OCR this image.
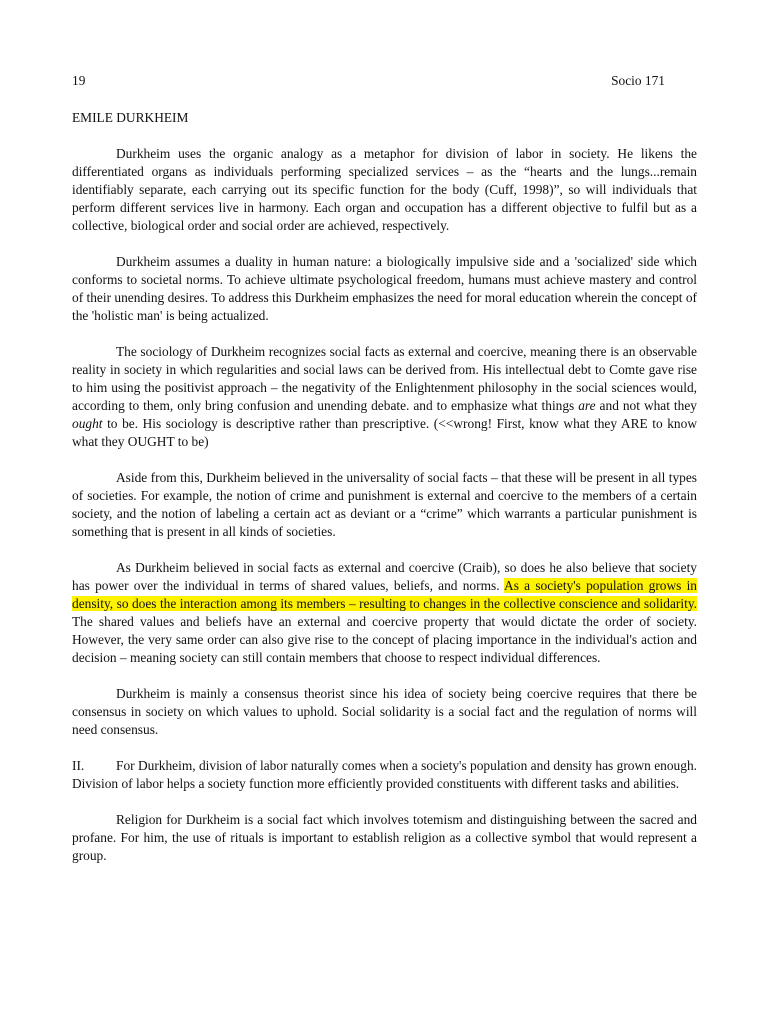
19	Socio 171
EMILE DURKHEIM

Durkheim uses the organic analogy as a metaphor for division of labor in society. He likens the differentiated organs as individuals performing specialized services – as the “hearts and the lungs...remain identifiably separate, each carrying out its specific function for the body (Cuff, 1998)”, so will individuals that perform different services live in harmony. Each organ and occupation has a different objective to fulfil but as a collective, biological order and social order are achieved, respectively.

Durkheim assumes a duality in human nature: a biologically impulsive side and a 'socialized' side which conforms to societal norms. To achieve ultimate psychological freedom, humans must achieve mastery and control of their unending desires. To address this Durkheim emphasizes the need for moral education wherein the concept of the 'holistic man' is being actualized.

The sociology of Durkheim recognizes social facts as external and coercive, meaning there is an observable reality in society in which regularities and social laws can be derived from. His intellectual debt to Comte gave rise to him using the positivist approach – the negativity of the Enlightenment philosophy in the social sciences would, according to them, only bring confusion and unending debate. and to emphasize what things are and not what they ought to be. His sociology is descriptive rather than prescriptive. (<<wrong! First, know what they ARE to know what they OUGHT to be)

Aside from this, Durkheim believed in the universality of social facts – that these will be present in all types of societies. For example, the notion of crime and punishment is external and coercive to the members of a certain society, and the notion of labeling a certain act as deviant or a “crime” which warrants a particular punishment is something that is present in all kinds of societies.

As Durkheim believed in social facts as external and coercive (Craib), so does he also believe that society has power over the individual in terms of shared values, beliefs, and norms. As a society's population grows in density, so does the interaction among its members – resulting to changes in the collective conscience and solidarity. The shared values and beliefs have an external and coercive property that would dictate the order of society. However, the very same order can also give rise to the concept of placing importance in the individual's action and decision – meaning society can still contain members that choose to respect individual differences.

Durkheim is mainly a consensus theorist since his idea of society being coercive requires that there be consensus in society on which values to uphold. Social solidarity is a social fact and the regulation of norms will need consensus.

II. For Durkheim, division of labor naturally comes when a society's population and density has grown enough. Division of labor helps a society function more efficiently provided constituents with different tasks and abilities.

Religion for Durkheim is a social fact which involves totemism and distinguishing between the sacred and profane. For him, the use of rituals is important to establish religion as a collective symbol that would represent a group.
